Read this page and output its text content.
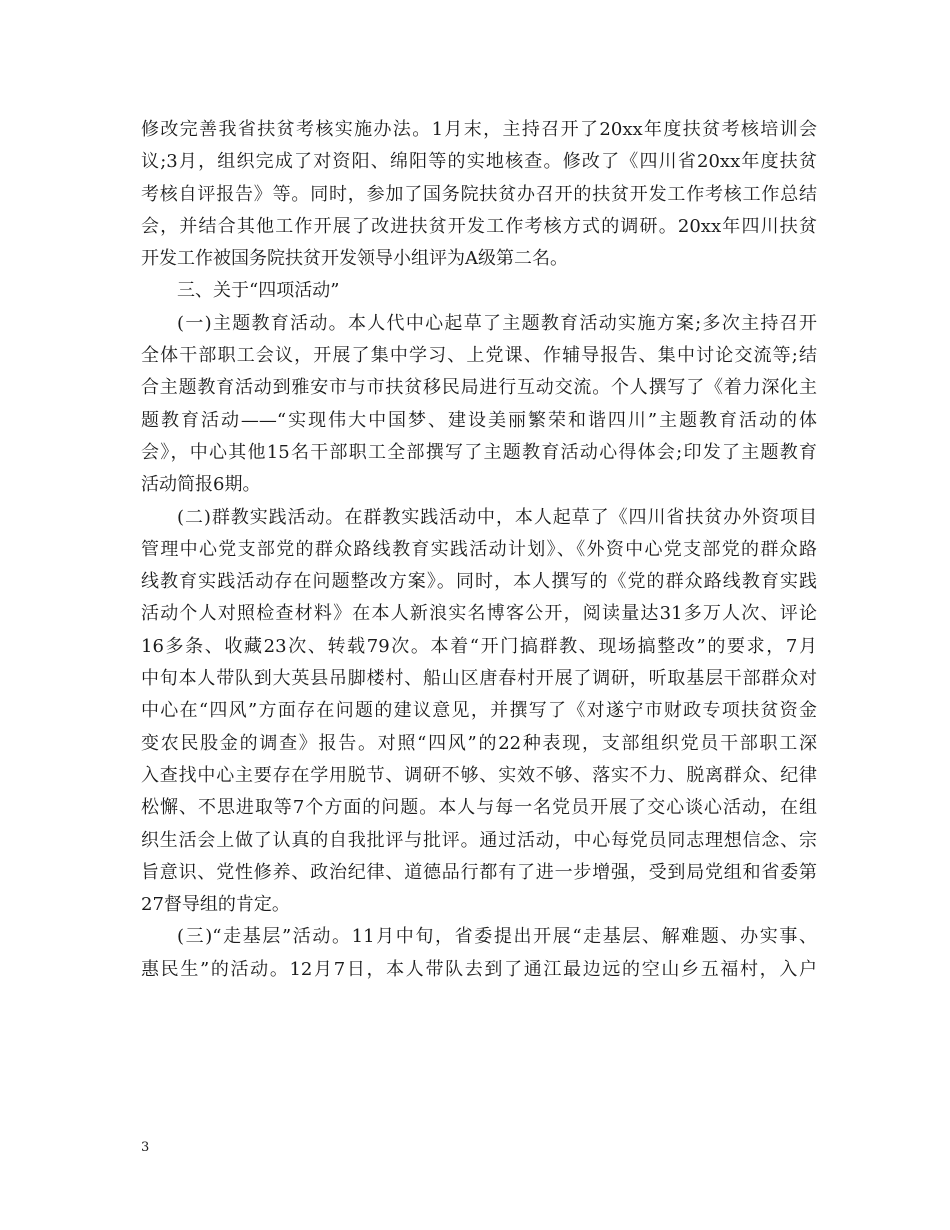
修改完善我省扶贫考核实施办法。1月末，主持召开了20xx年度扶贫考核培训会
议;3月，组织完成了对资阳、绵阳等的实地核查。修改了《四川省20xx年度扶贫
考核自评报告》等。同时，参加了国务院扶贫办召开的扶贫开发工作考核工作总结
会，并结合其他工作开展了改进扶贫开发工作考核方式的调研。20xx年四川扶贫
开发工作被国务院扶贫开发领导小组评为A级第二名。
三、关于“四项活动”
(一)主题教育活动。本人代中心起草了主题教育活动实施方案;多次主持召开
全体干部职工会议，开展了集中学习、上党课、作辅导报告、集中讨论交流等;结
合主题教育活动到雅安市与市扶贫移民局进行互动交流。个人撰写了《着力深化主
题教育活动——“实现伟大中国梦、建设美丽繁荣和谐四川”主题教育活动的体
会》，中心其他15名干部职工全部撰写了主题教育活动心得体会;印发了主题教育
活动简报6期。
(二)群教实践活动。在群教实践活动中，本人起草了《四川省扶贫办外资项目
管理中心党支部党的群众路线教育实践活动计划》、《外资中心党支部党的群众路
线教育实践活动存在问题整改方案》。同时，本人撰写的《党的群众路线教育实践
活动个人对照检查材料》在本人新浪实名博客公开，阅读量达31多万人次、评论
16多条、收藏23次、转载79次。本着“开门搞群教、现场搞整改”的要求，7月
中旬本人带队到大英县吊脚楼村、船山区唐春村开展了调研，听取基层干部群众对
中心在“四风”方面存在问题的建议意见，并撰写了《对遂宁市财政专项扶贫资金
变农民股金的调查》报告。对照“四风”的22种表现，支部组织党员干部职工深
入查找中心主要存在学用脱节、调研不够、实效不够、落实不力、脱离群众、纪律
松懈、不思进取等7个方面的问题。本人与每一名党员开展了交心谈心活动，在组
织生活会上做了认真的自我批评与批评。通过活动，中心每党员同志理想信念、宗
旨意识、党性修养、政治纪律、道德品行都有了进一步增强，受到局党组和省委第
27督导组的肯定。
(三)“走基层”活动。11月中旬，省委提出开展“走基层、解难题、办实事、
惠民生”的活动。12月7日，本人带队去到了通江最边远的空山乡五福村，入户
3
